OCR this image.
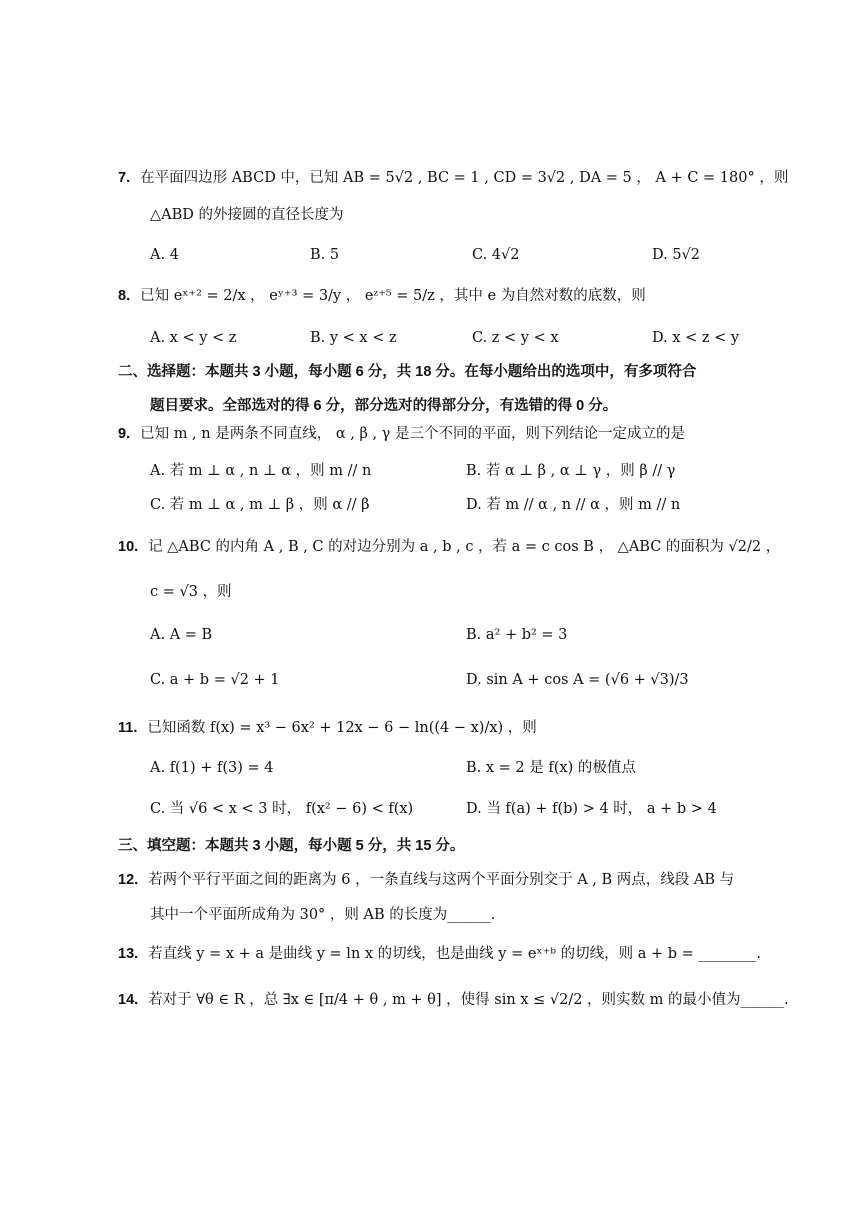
7. 在平面四边形 ABCD 中，已知 AB = 5√2 , BC = 1 , CD = 3√2 , DA = 5 ， A + C = 180° ，则
△ABD 的外接圆的直径长度为
A. 4	B. 5	C. 4√2	D. 5√2
8. 已知 eˣ⁺² = 2/x ， eʸ⁺³ = 3/y ， eᶻ⁺⁵ = 5/z ，其中 e 为自然对数的底数，则
A. x < y < z	B. y < x < z	C. z < y < x	D. x < z < y
二、选择题：本题共 3 小题，每小题 6 分，共 18 分。在每小题给出的选项中，有多项符合
题目要求。全部选对的得 6 分，部分选对的得部分分，有选错的得 0 分。
9. 已知 m , n 是两条不同直线， α , β , γ 是三个不同的平面，则下列结论一定成立的是
A. 若 m ⊥ α , n ⊥ α ，则 m // n	B. 若 α ⊥ β , α ⊥ γ ，则 β // γ
C. 若 m ⊥ α , m ⊥ β ，则 α // β	D. 若 m // α , n // α ，则 m // n
10. 记 △ABC 的内角 A , B , C 的对边分别为 a , b , c ，若 a = c cos B ， △ABC 的面积为 √2/2 ，
c = √3 ，则
A. A = B	B. a² + b² = 3
C. a + b = √2 + 1	D. sin A + cos A = (√6 + √3)/3
11. 已知函数 f(x) = x³ − 6x² + 12x − 6 − ln((4 − x)/x) ，则
A. f(1) + f(3) = 4	B. x = 2 是 f(x) 的极值点
C. 当 √6 < x < 3 时， f(x² − 6) < f(x)	D. 当 f(a) + f(b) > 4 时， a + b > 4
三、填空题：本题共 3 小题，每小题 5 分，共 15 分。
12. 若两个平行平面之间的距离为 6 ，一条直线与这两个平面分别交于 A , B 两点，线段 AB 与
其中一个平面所成角为 30° ，则 AB 的长度为______.
13. 若直线 y = x + a 是曲线 y = ln x 的切线，也是曲线 y = eˣ⁺ᵇ 的切线，则 a + b = ________.
14. 若对于 ∀θ ∈ R ，总 ∃x ∈ [π/4 + θ , m + θ] ，使得 sin x ≤ √2/2 ，则实数 m 的最小值为______.
